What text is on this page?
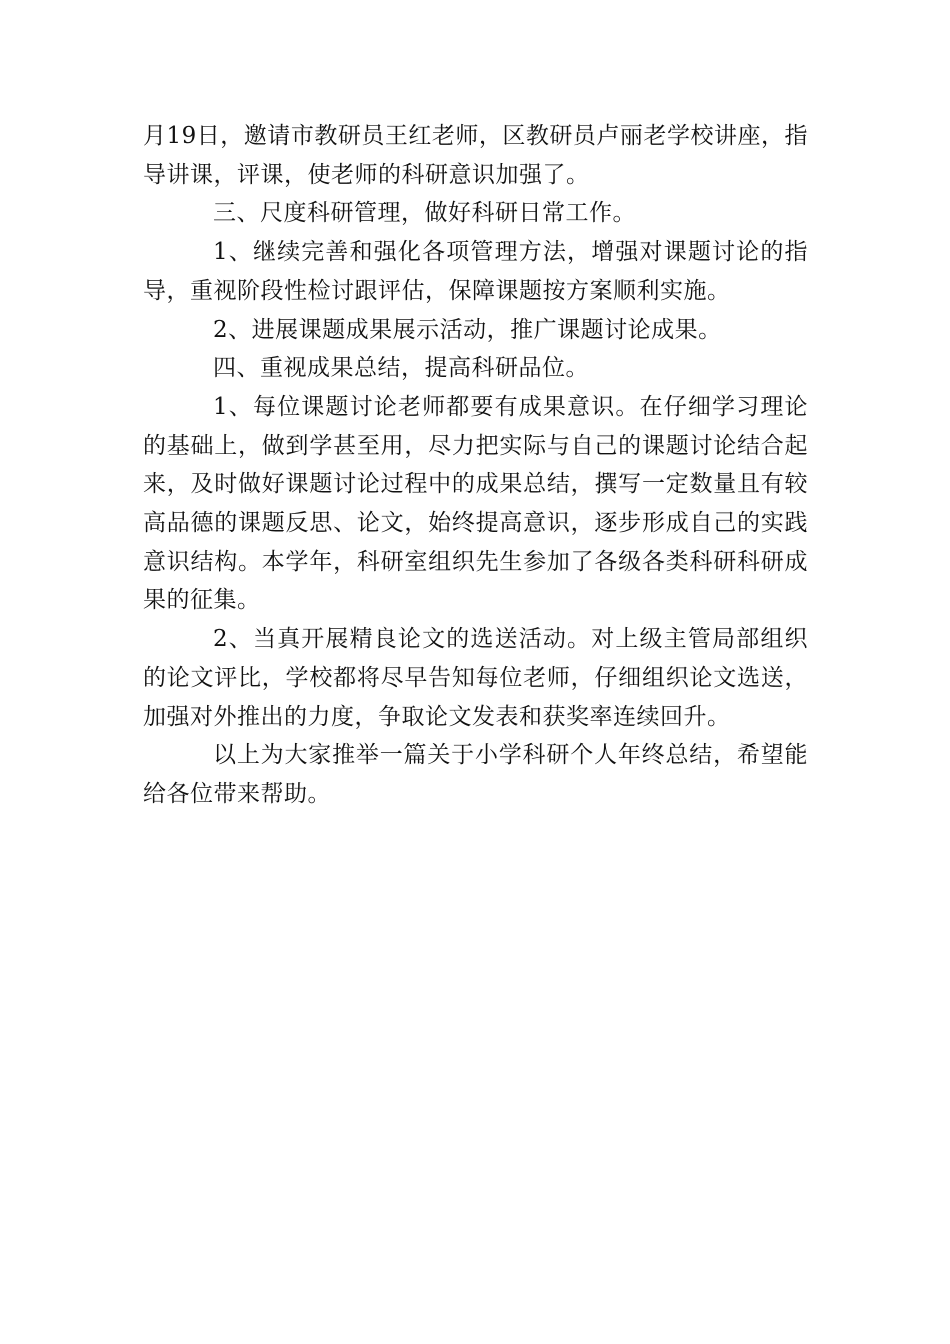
月19日，邀请市教研员王红老师，区教研员卢丽老学校讲座，指导讲课，评课，使老师的科研意识加强了。

三、尺度科研管理，做好科研日常工作。

1、继续完善和强化各项管理方法，增强对课题讨论的指导，重视阶段性检讨跟评估，保障课题按方案顺利实施。

2、进展课题成果展示活动，推广课题讨论成果。

四、重视成果总结，提高科研品位。

1、每位课题讨论老师都要有成果意识。在仔细学习理论的基础上，做到学甚至用，尽力把实际与自己的课题讨论结合起来，及时做好课题讨论过程中的成果总结，撰写一定数量且有较高品德的课题反思、论文，始终提高意识，逐步形成自己的实践意识结构。本学年，科研室组织先生参加了各级各类科研科研成果的征集。

2、当真开展精良论文的选送活动。对上级主管局部组织的论文评比，学校都将尽早告知每位老师，仔细组织论文选送，加强对外推出的力度，争取论文发表和获奖率连续回升。

以上为大家推举一篇关于小学科研个人年终总结，希望能给各位带来帮助。
